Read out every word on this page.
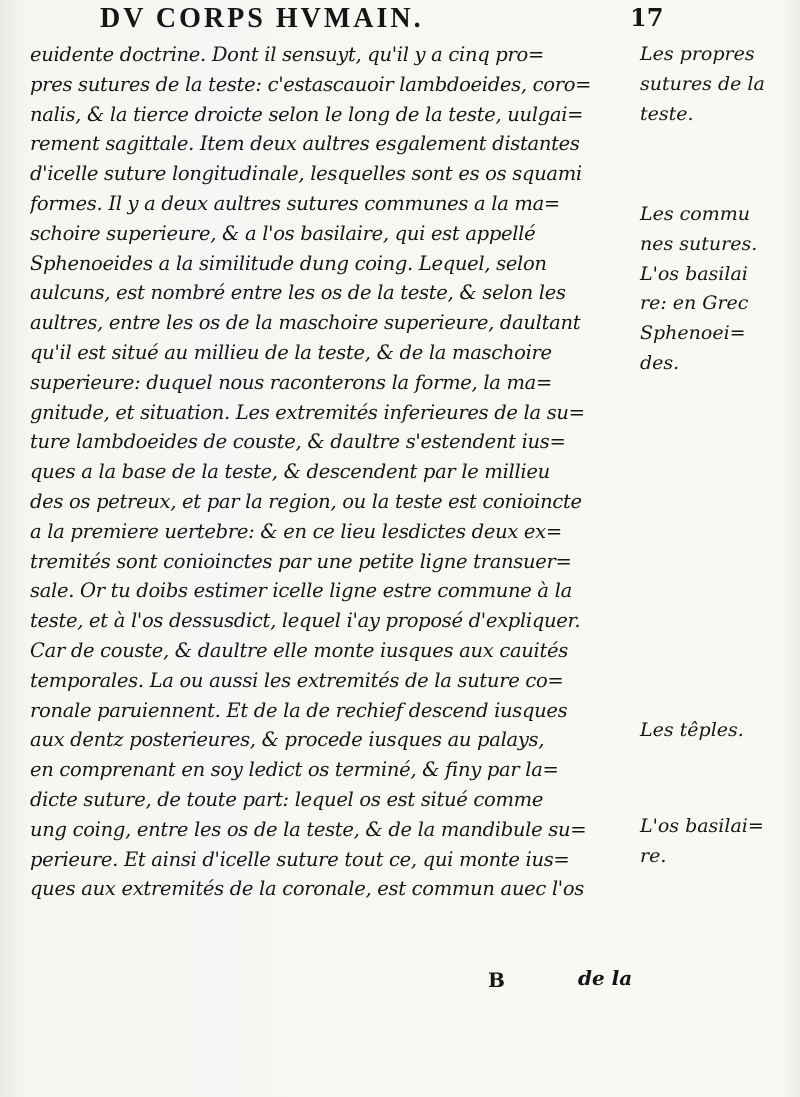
DV CORPS HVMAIN.	17
euidente doctrine. Dont il sensuyt, qu'il y a cinq pro=
pres sutures de la teste: c'estascauoir lambdoeides, coro=
nalis, & la tierce droicte selon le long de la teste, uulgai=
rement sagittale. Item deux aultres esgalement distantes
d'icelle suture longitudinale, lesquelles sont es os squami
formes. Il y a deux aultres sutures communes a la ma=
schoire superieure, & a l'os basilaire, qui est appellé
Sphenoeides a la similitude dung coing. Lequel, selon
aulcuns, est nombré entre les os de la teste, & selon les
aultres, entre les os de la maschoire superieure, daultant
qu'il est situé au millieu de la teste, & de la maschoire
superieure: duquel nous raconterons la forme, la ma=
gnitude, et situation. Les extremités inferieures de la su=
ture lambdoeides de couste, & daultre s'estendent ius=
ques a la base de la teste, & descendent par le millieu
des os petreux, et par la region, ou la teste est conioincte
a la premiere uertebre: & en ce lieu lesdictes deux ex=
tremités sont conioinctes par une petite ligne transuer=
sale. Or tu doibs estimer icelle ligne estre commune à la
teste, et à l'os dessusdict, lequel i'ay proposé d'expliquer.
Car de couste, & daultre elle monte iusques aux cauités
temporales. La ou aussi les extremités de la suture co=
ronale paruiennent. Et de la de rechief descend iusques
aux dentz posterieures, & procede iusques au palays,
en comprenant en soy ledict os terminé, & finy par la=
dicte suture, de toute part: lequel os est situé comme
ung coing, entre les os de la teste, & de la mandibule su=
perieure. Et ainsi d'icelle suture tout ce, qui monte ius=
ques aux extremités de la coronale, est commun auec l'os
Les propres
sutures de la
teste.
Les commu
nes sutures.
L'os basilai
re: en Grec
Sphenoei=
des.
Les têples.
L'os basilai=
re.
B	de la
